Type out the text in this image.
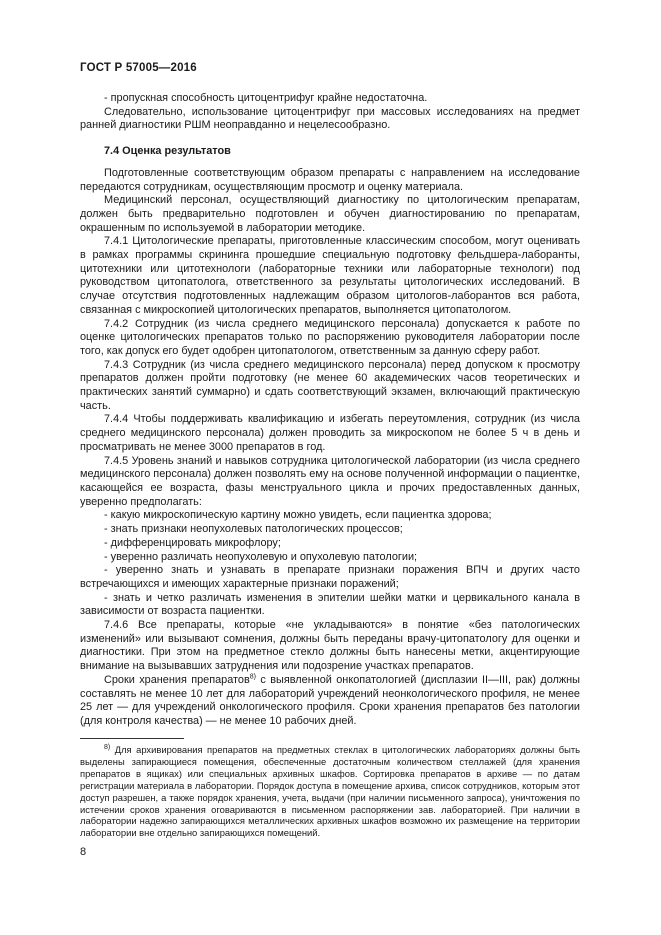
ГОСТ Р 57005—2016

- пропускная способность цитоцентрифуг крайне недостаточна.

Следовательно, использование цитоцентрифуг при массовых исследованиях на предмет ранней диагностики РШМ неоправданно и нецелесообразно.

7.4 Оценка результатов

Подготовленные соответствующим образом препараты с направлением на исследование передаются сотрудникам, осуществляющим просмотр и оценку материала.

Медицинский персонал, осуществляющий диагностику по цитологическим препаратам, должен быть предварительно подготовлен и обучен диагностированию по препаратам, окрашенным по используемой в лаборатории методике.

7.4.1 Цитологические препараты, приготовленные классическим способом, могут оценивать в рамках программы скрининга прошедшие специальную подготовку фельдшера-лаборанты, цитотехники или цитотехнологи (лабораторные техники или лабораторные технологи) под руководством цитопатолога, ответственного за результаты цитологических исследований. В случае отсутствия подготовленных надлежащим образом цитологов-лаборантов вся работа, связанная с микроскопией цитологических препаратов, выполняется цитопатологом.

7.4.2 Сотрудник (из числа среднего медицинского персонала) допускается к работе по оценке цитологических препаратов только по распоряжению руководителя лаборатории после того, как допуск его будет одобрен цитопатологом, ответственным за данную сферу работ.

7.4.3 Сотрудник (из числа среднего медицинского персонала) перед допуском к просмотру препаратов должен пройти подготовку (не менее 60 академических часов теоретических и практических занятий суммарно) и сдать соответствующий экзамен, включающий практическую часть.

7.4.4 Чтобы поддерживать квалификацию и избегать переутомления, сотрудник (из числа среднего медицинского персонала) должен проводить за микроскопом не более 5 ч в день и просматривать не менее 3000 препаратов в год.

7.4.5 Уровень знаний и навыков сотрудника цитологической лаборатории (из числа среднего медицинского персонала) должен позволять ему на основе полученной информации о пациентке, касающейся ее возраста, фазы менструального цикла и прочих предоставленных данных, уверенно предполагать:

- какую микроскопическую картину можно увидеть, если пациентка здорова;

- знать признаки неопухолевых патологических процессов;

- дифференцировать микрофлору;

- уверенно различать неопухолевую и опухолевую патологии;

- уверенно знать и узнавать в препарате признаки поражения ВПЧ и других часто встречающихся и имеющих характерные признаки поражений;

- знать и четко различать изменения в эпителии шейки матки и цервикального канала в зависимости от возраста пациентки.

7.4.6 Все препараты, которые «не укладываются» в понятие «без патологических изменений» или вызывают сомнения, должны быть переданы врачу-цитопатологу для оценки и диагностики. При этом на предметное стекло должны быть нанесены метки, акцентирующие внимание на вызывавших затруднения или подозрение участках препаратов.

Сроки хранения препаратов$^{8)}$ с выявленной онкопатологией (дисплазии II—III, рак) должны составлять не менее 10 лет для лабораторий учреждений неонкологического профиля, не менее 25 лет — для учреждений онкологического профиля. Сроки хранения препаратов без патологии (для контроля качества) — не менее 10 рабочих дней.

$^{8)}$ Для архивирования препаратов на предметных стеклах в цитологических лабораториях должны быть выделены запирающиеся помещения, обеспеченные достаточным количеством стеллажей (для хранения препаратов в ящиках) или специальных архивных шкафов. Сортировка препаратов в архиве — по датам регистрации материала в лаборатории. Порядок доступа в помещение архива, список сотрудников, которым этот доступ разрешен, а также порядок хранения, учета, выдачи (при наличии письменного запроса), уничтожения по истечении сроков хранения оговариваются в письменном распоряжении зав. лабораторией. При наличии в лаборатории надежно запирающихся металлических архивных шкафов возможно их размещение на территории лаборатории вне отдельно запирающихся помещений.

8
